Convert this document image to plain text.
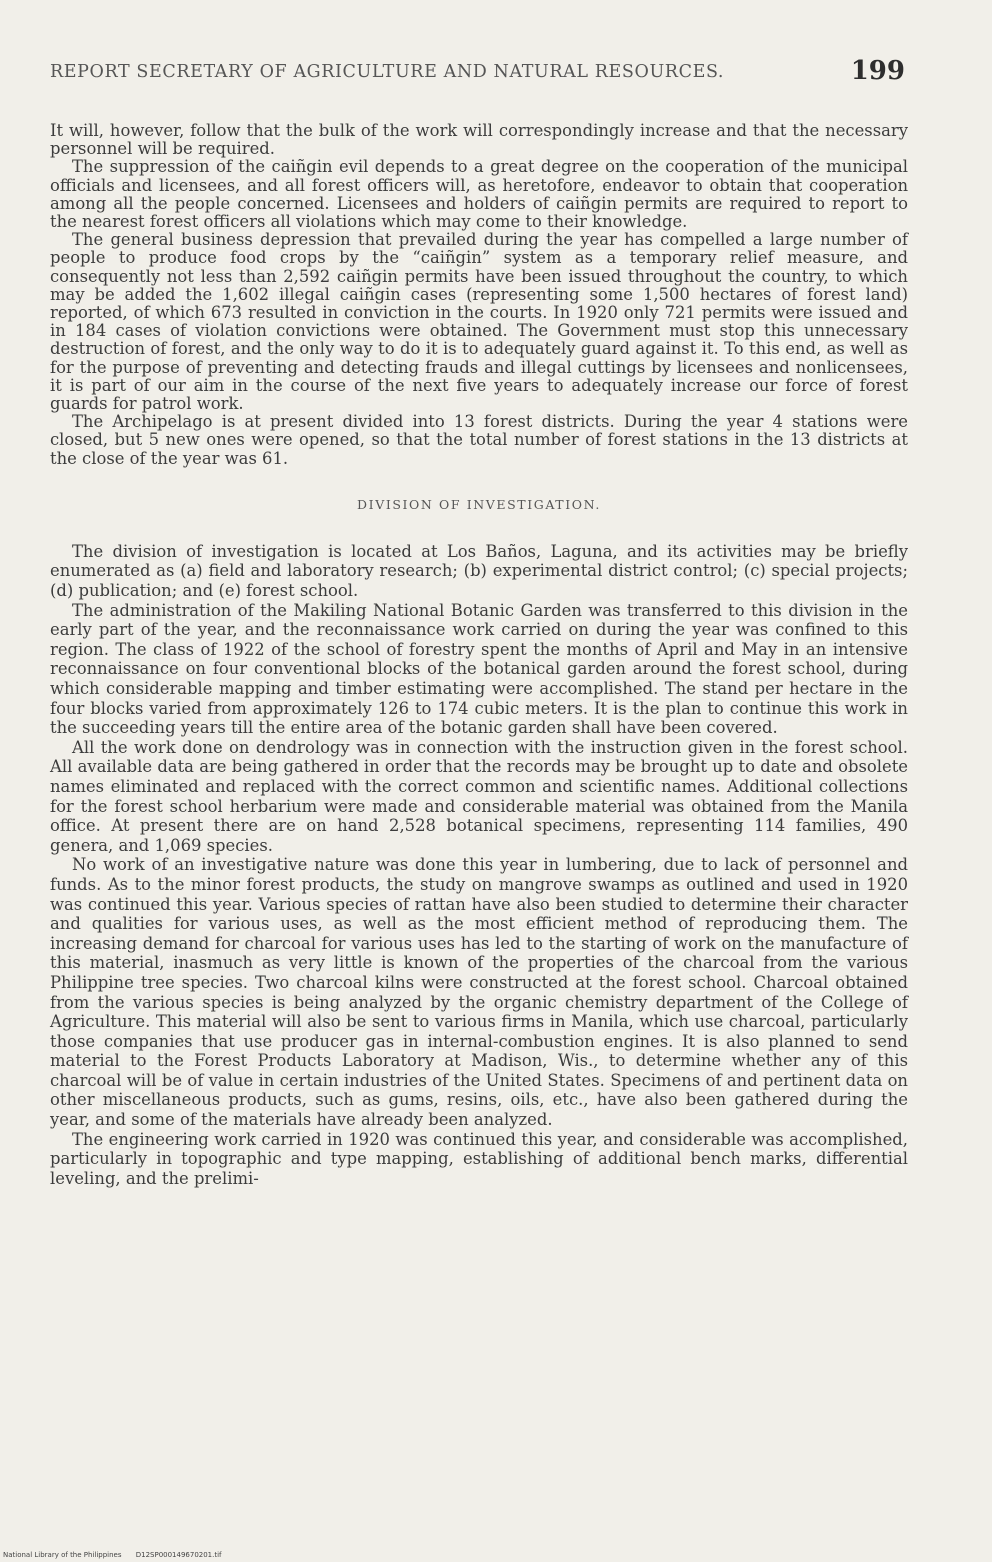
REPORT SECRETARY OF AGRICULTURE AND NATURAL RESOURCES.	199

It will, however, follow that the bulk of the work will correspondingly increase and that the necessary personnel will be required.

The suppression of the caiñgin evil depends to a great degree on the cooperation of the municipal officials and licensees, and all forest officers will, as heretofore, endeavor to obtain that cooperation among all the people concerned. Licensees and holders of caiñgin permits are required to report to the nearest forest officers all violations which may come to their knowledge.

The general business depression that prevailed during the year has compelled a large number of people to produce food crops by the “caiñgin” system as a temporary relief measure, and consequently not less than 2,592 caiñgin permits have been issued throughout the country, to which may be added the 1,602 illegal caiñgin cases (representing some 1,500 hectares of forest land) reported, of which 673 resulted in conviction in the courts. In 1920 only 721 permits were issued and in 184 cases of violation convictions were obtained. The Government must stop this unnecessary destruction of forest, and the only way to do it is to adequately guard against it. To this end, as well as for the purpose of preventing and detecting frauds and illegal cuttings by licensees and nonlicensees, it is part of our aim in the course of the next five years to adequately increase our force of forest guards for patrol work.

The Archipelago is at present divided into 13 forest districts. During the year 4 stations were closed, but 5 new ones were opened, so that the total number of forest stations in the 13 districts at the close of the year was 61.

DIVISION OF INVESTIGATION.

The division of investigation is located at Los Baños, Laguna, and its activities may be briefly enumerated as (a) field and laboratory research; (b) experimental district control; (c) special projects; (d) publication; and (e) forest school.

The administration of the Makiling National Botanic Garden was transferred to this division in the early part of the year, and the reconnaissance work carried on during the year was confined to this region. The class of 1922 of the school of forestry spent the months of April and May in an intensive reconnaissance on four conventional blocks of the botanical garden around the forest school, during which considerable mapping and timber estimating were accomplished. The stand per hectare in the four blocks varied from approximately 126 to 174 cubic meters. It is the plan to continue this work in the succeeding years till the entire area of the botanic garden shall have been covered.

All the work done on dendrology was in connection with the instruction given in the forest school. All available data are being gathered in order that the records may be brought up to date and obsolete names eliminated and replaced with the correct common and scientific names. Additional collections for the forest school herbarium were made and considerable material was obtained from the Manila office. At present there are on hand 2,528 botanical specimens, representing 114 families, 490 genera, and 1,069 species.

No work of an investigative nature was done this year in lumbering, due to lack of personnel and funds. As to the minor forest products, the study on mangrove swamps as outlined and used in 1920 was continued this year. Various species of rattan have also been studied to determine their character and qualities for various uses, as well as the most efficient method of reproducing them. The increasing demand for charcoal for various uses has led to the starting of work on the manufacture of this material, inasmuch as very little is known of the properties of the charcoal from the various Philippine tree species. Two charcoal kilns were constructed at the forest school. Charcoal obtained from the various species is being analyzed by the organic chemistry department of the College of Agriculture. This material will also be sent to various firms in Manila, which use charcoal, particularly those companies that use producer gas in internal-combustion engines. It is also planned to send material to the Forest Products Laboratory at Madison, Wis., to determine whether any of this charcoal will be of value in certain industries of the United States. Specimens of and pertinent data on other miscellaneous products, such as gums, resins, oils, etc., have also been gathered during the year, and some of the materials have already been analyzed.

The engineering work carried in 1920 was continued this year, and considerable was accomplished, particularly in topographic and type mapping, establishing of additional bench marks, differential leveling, and the prelimi-

National Library of the Philippines D12SP000149670201.tif
